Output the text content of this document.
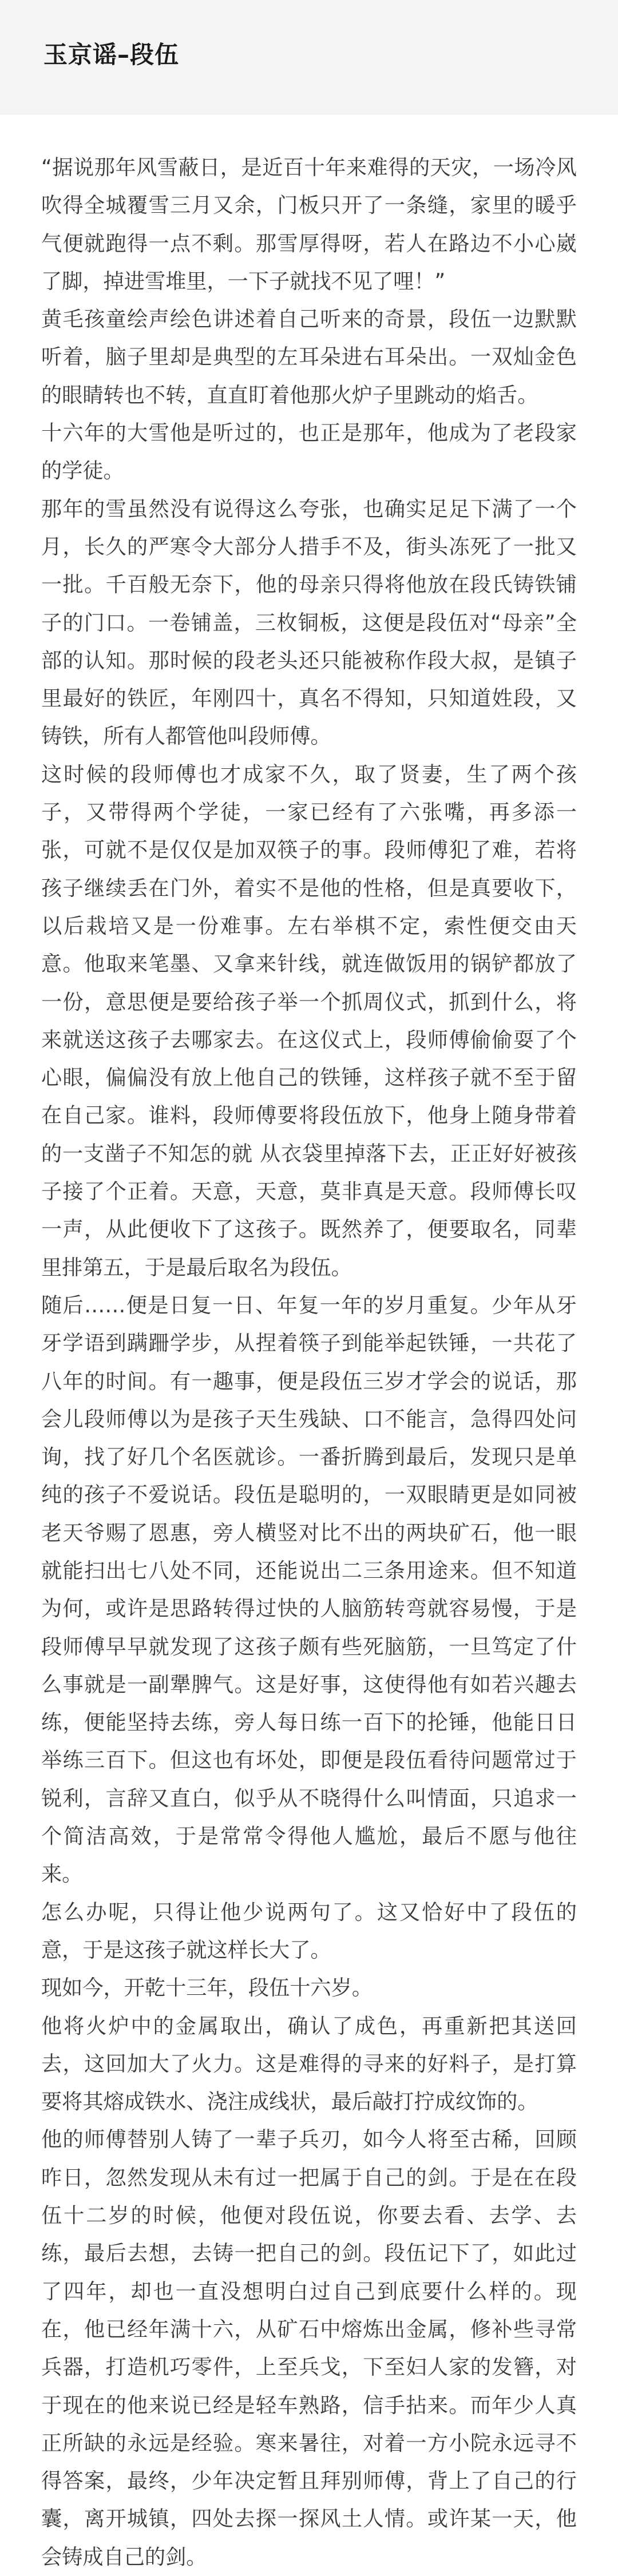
玉京谣–段伍

“据说那年风雪蔽日，是近百十年来难得的天灾，一场冷风吹得全城覆雪三月又余，门板只开了一条缝，家里的暖乎气便就跑得一点不剩。那雪厚得呀，若人在路边不小心崴了脚，掉进雪堆里，一下子就找不见了哩！”

黄毛孩童绘声绘色讲述着自己听来的奇景，段伍一边默默听着，脑子里却是典型的左耳朵进右耳朵出。一双灿金色的眼睛转也不转，直直盯着他那火炉子里跳动的焰舌。

十六年的大雪他是听过的，也正是那年，他成为了老段家的学徒。

那年的雪虽然没有说得这么夸张，也确实足足下满了一个月，长久的严寒令大部分人措手不及，街头冻死了一批又一批。千百般无奈下，他的母亲只得将他放在段氏铸铁铺子的门口。一卷铺盖，三枚铜板，这便是段伍对“母亲”全部的认知。那时候的段老头还只能被称作段大叔，是镇子里最好的铁匠，年刚四十，真名不得知，只知道姓段，又铸铁，所有人都管他叫段师傅。

这时候的段师傅也才成家不久，取了贤妻，生了两个孩子，又带得两个学徒，一家已经有了六张嘴，再多添一张，可就不是仅仅是加双筷子的事。段师傅犯了难，若将孩子继续丢在门外，着实不是他的性格，但是真要收下，以后栽培又是一份难事。左右举棋不定，索性便交由天意。他取来笔墨、又拿来针线，就连做饭用的锅铲都放了一份，意思便是要给孩子举一个抓周仪式，抓到什么，将来就送这孩子去哪家去。在这仪式上，段师傅偷偷耍了个心眼，偏偏没有放上他自己的铁锤，这样孩子就不至于留在自己家。谁料，段师傅要将段伍放下，他身上随身带着的一支凿子不知怎的就 从衣袋里掉落下去，正正好好被孩子接了个正着。天意，天意，莫非真是天意。段师傅长叹一声，从此便收下了这孩子。既然养了，便要取名，同辈里排第五，于是最后取名为段伍。

随后……便是日复一日、年复一年的岁月重复。少年从牙牙学语到蹒跚学步，从捏着筷子到能举起铁锤，一共花了八年的时间。有一趣事，便是段伍三岁才学会的说话，那会儿段师傅以为是孩子天生残缺、口不能言，急得四处问询，找了好几个名医就诊。一番折腾到最后，发现只是单纯的孩子不爱说话。段伍是聪明的，一双眼睛更是如同被老天爷赐了恩惠，旁人横竖对比不出的两块矿石，他一眼就能扫出七八处不同，还能说出二三条用途来。但不知道为何，或许是思路转得过快的人脑筋转弯就容易慢，于是段师傅早早就发现了这孩子颇有些死脑筋，一旦笃定了什么事就是一副犟脾气。这是好事，这使得他有如若兴趣去练，便能坚持去练，旁人每日练一百下的抡锤，他能日日举练三百下。但这也有坏处，即便是段伍看待问题常过于锐利，言辞又直白，似乎从不晓得什么叫情面，只追求一个简洁高效，于是常常令得他人尴尬，最后不愿与他往来。

怎么办呢，只得让他少说两句了。这又恰好中了段伍的意，于是这孩子就这样长大了。

现如今，开乾十三年，段伍十六岁。

他将火炉中的金属取出，确认了成色，再重新把其送回去，这回加大了火力。这是难得的寻来的好料子，是打算要将其熔成铁水、浇注成线状，最后敲打拧成纹饰的。

他的师傅替别人铸了一辈子兵刃，如今人将至古稀，回顾昨日，忽然发现从未有过一把属于自己的剑。于是在在段伍十二岁的时候，他便对段伍说，你要去看、去学、去练，最后去想，去铸一把自己的剑。段伍记下了，如此过了四年，却也一直没想明白过自己到底要什么样的。现在，他已经年满十六，从矿石中熔炼出金属，修补些寻常兵器，打造机巧零件，上至兵戈，下至妇人家的发簪，对于现在的他来说已经是轻车熟路，信手拈来。而年少人真正所缺的永远是经验。寒来暑往，对着一方小院永远寻不得答案，最终，少年决定暂且拜别师傅，背上了自己的行囊，离开城镇，四处去探一探风土人情。或许某一天，他会铸成自己的剑。
